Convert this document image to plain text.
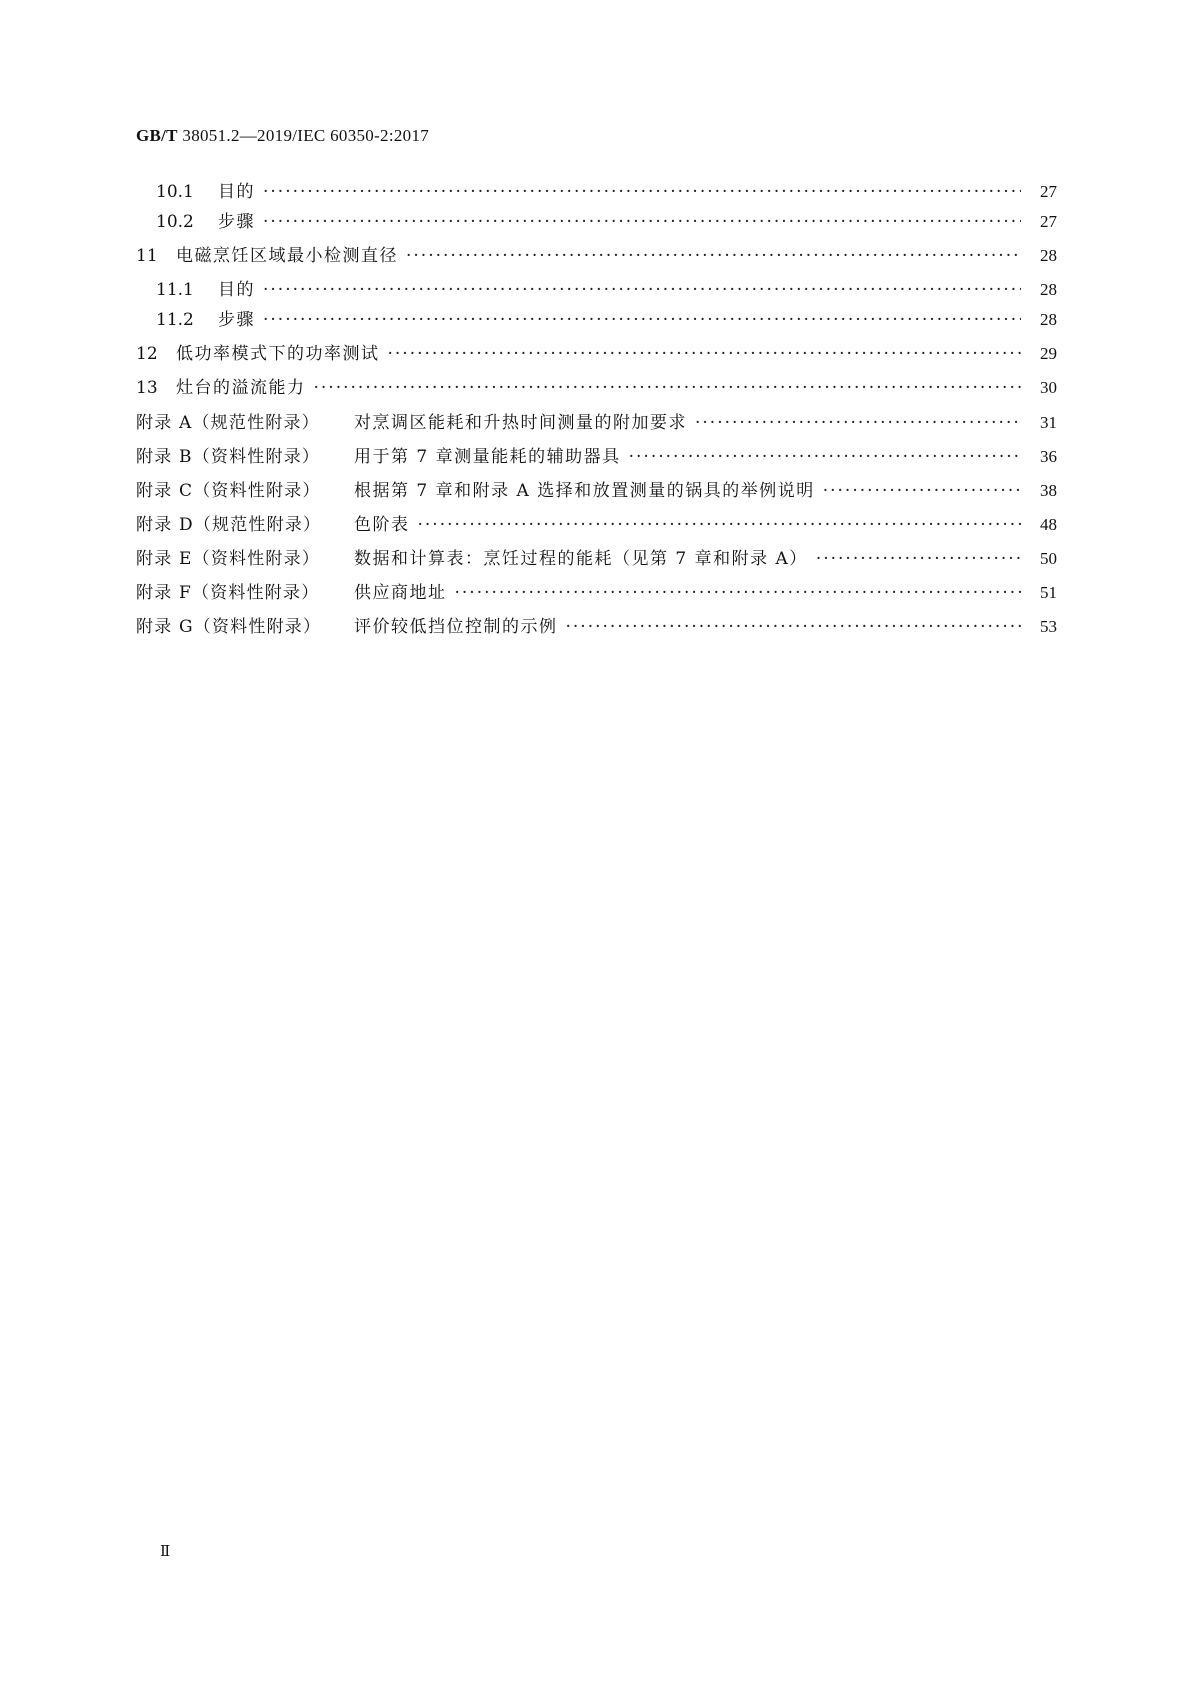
GB/T 38051.2—2019/IEC 60350-2:2017
10.1	目的 ·····	27
10.2	步骤 ·····	27
11	电磁烹饪区域最小检测直径 ·····	28
11.1	目的 ·····	28
11.2	步骤 ·····	28
12	低功率模式下的功率测试 ·····	29
13	灶台的溢流能力 ·····	30
附录 A（规范性附录）	对烹调区能耗和升热时间测量的附加要求 ·····	31
附录 B（资料性附录）	用于第 7 章测量能耗的辅助器具 ·····	36
附录 C（资料性附录）	根据第 7 章和附录 A 选择和放置测量的锅具的举例说明 ·····	38
附录 D（规范性附录）	色阶表 ·····	48
附录 E（资料性附录）	数据和计算表：烹饪过程的能耗（见第 7 章和附录 A） ·····	50
附录 F（资料性附录）	供应商地址 ·····	51
附录 G（资料性附录）	评价较低挡位控制的示例 ·····	53
Ⅱ
